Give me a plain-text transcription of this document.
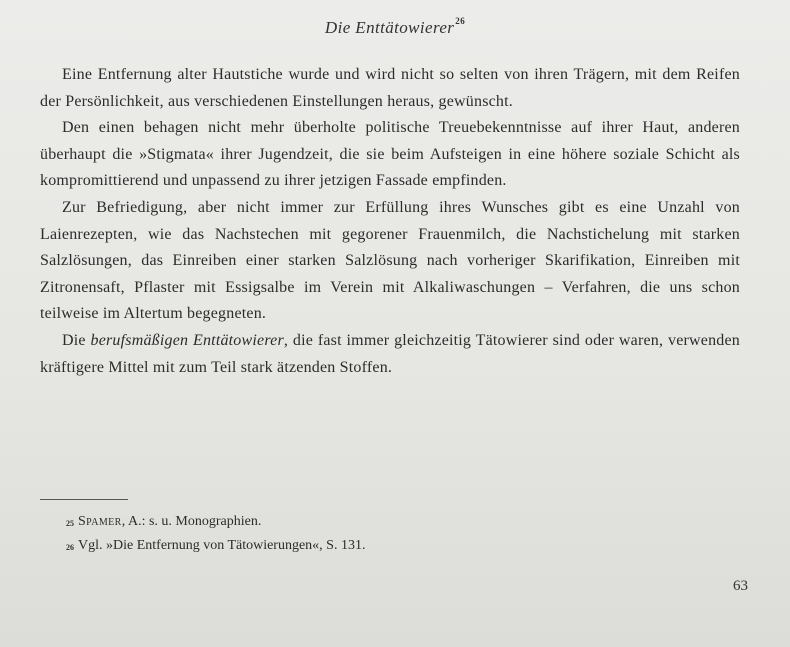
Die Enttätowierer$^{26}$

Eine Entfernung alter Hautstiche wurde und wird nicht so selten von ihren Trägern, mit dem Reifen der Persönlichkeit, aus verschiedenen Einstellungen heraus, gewünscht.

Den einen behagen nicht mehr überholte politische Treuebekenntnisse auf ihrer Haut, anderen überhaupt die »Stigmata« ihrer Jugendzeit, die sie beim Aufsteigen in eine höhere soziale Schicht als kompromittierend und unpassend zu ihrer jetzigen Fassade empfinden.

Zur Befriedigung, aber nicht immer zur Erfüllung ihres Wunsches gibt es eine Unzahl von Laienrezepten, wie das Nachstechen mit gegorener Frauenmilch, die Nachstichelung mit starken Salzlösungen, das Einreiben einer starken Salzlösung nach vorheriger Skarifikation, Einreiben mit Zitronensaft, Pflaster mit Essigsalbe im Verein mit Alkaliwaschungen – Verfahren, die uns schon teilweise im Altertum begegneten.

Die berufsmäßigen Enttätowierer, die fast immer gleichzeitig Tätowierer sind oder waren, verwenden kräftigere Mittel mit zum Teil stark ätzenden Stoffen.

$^{25}$ Spamer, A.: s. u. Monographien.

$^{26}$ Vgl. »Die Entfernung von Tätowierungen«, S. 131.

63
